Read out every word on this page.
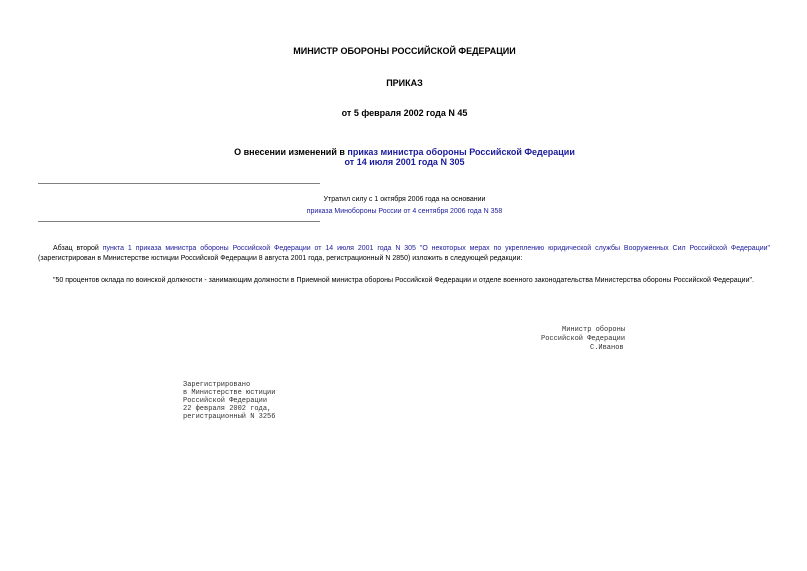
МИНИСТР ОБОРОНЫ РОССИЙСКОЙ ФЕДЕРАЦИИ
ПРИКАЗ
от 5 февраля 2002 года N 45
О внесении изменений в приказ министра обороны Российской Федерации
от 14 июля 2001 года N 305
Утратил силу с 1 октября 2006 года на основании
приказа Минобороны России от 4 сентября 2006 года N 358
Абзац второй пункта 1 приказа министра обороны Российской Федерации от 14 июля 2001 года N 305 "О некоторых мерах по укреплению юридической службы Вооруженных Сил Российской Федерации" (зарегистрирован в Министерстве юстиции Российской Федерации 8 августа 2001 года, регистрационный N 2850) изложить в следующей редакции:
"50 процентов оклада по воинской должности - занимающим должности в Приемной министра обороны Российской Федерации и отделе военного законодательства Министерства обороны Российской Федерации".
Министр обороны
Российской Федерации
С.Иванов
Зарегистрировано
в Министерстве юстиции
Российской Федерации
22 февраля 2002 года,
регистрационный N 3256
